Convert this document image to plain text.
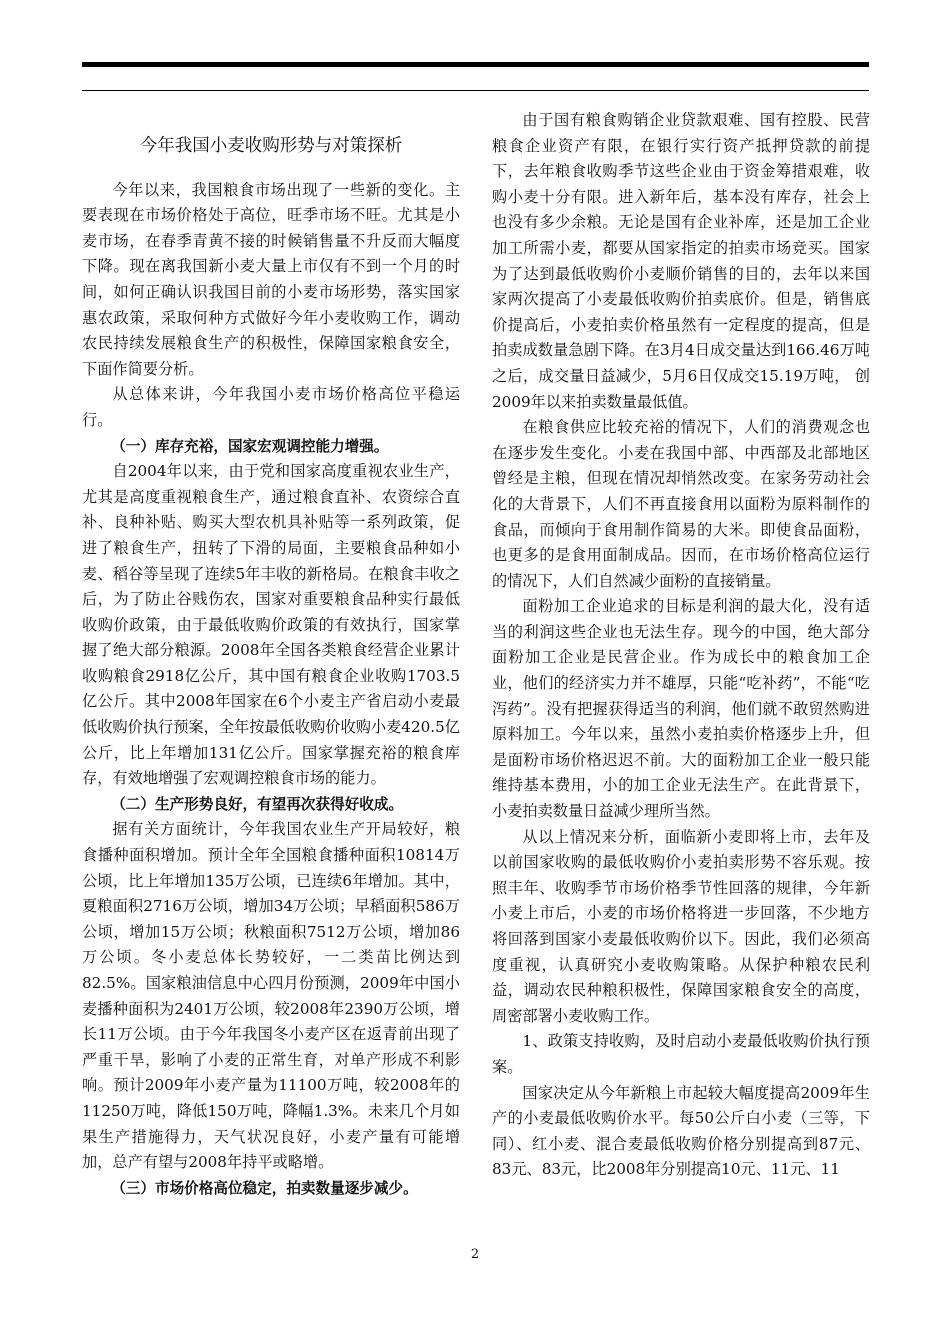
今年我国小麦收购形势与对策探析

今年以来，我国粮食市场出现了一些新的变化。主要表现在市场价格处于高位，旺季市场不旺。尤其是小麦市场，在春季青黄不接的时候销售量不升反而大幅度下降。现在离我国新小麦大量上市仅有不到一个月的时间，如何正确认识我国目前的小麦市场形势，落实国家惠农政策，采取何种方式做好今年小麦收购工作，调动农民持续发展粮食生产的积极性，保障国家粮食安全，下面作简要分析。

从总体来讲，今年我国小麦市场价格高位平稳运行。

（一）库存充裕，国家宏观调控能力增强。

自2004年以来，由于党和国家高度重视农业生产，尤其是高度重视粮食生产，通过粮食直补、农资综合直补、良种补贴、购买大型农机具补贴等一系列政策，促进了粮食生产，扭转了下滑的局面，主要粮食品种如小麦、稻谷等呈现了连续5年丰收的新格局。在粮食丰收之后，为了防止谷贱伤农，国家对重要粮食品种实行最低收购价政策，由于最低收购价政策的有效执行，国家掌握了绝大部分粮源。2008年全国各类粮食经营企业累计收购粮食2918亿公斤，其中国有粮食企业收购1703.5亿公斤。其中2008年国家在6个小麦主产省启动小麦最低收购价执行预案，全年按最低收购价收购小麦420.5亿公斤，比上年增加131亿公斤。国家掌握充裕的粮食库存，有效地增强了宏观调控粮食市场的能力。

（二）生产形势良好，有望再次获得好收成。

据有关方面统计，今年我国农业生产开局较好，粮食播种面积增加。预计全年全国粮食播种面积10814万公顷，比上年增加135万公顷，已连续6年增加。其中，夏粮面积2716万公顷，增加34万公顷；早稻面积586万公顷，增加15万公顷；秋粮面积7512万公顷，增加86万公顷。冬小麦总体长势较好，一二类苗比例达到82.5%。国家粮油信息中心四月份预测，2009年中国小麦播种面积为2401万公顷，较2008年2390万公顷，增长11万公顷。由于今年我国冬小麦产区在返青前出现了严重干旱，影响了小麦的正常生育，对单产形成不利影响。预计2009年小麦产量为11100万吨，较2008年的11250万吨，降低150万吨，降幅1.3%。未来几个月如果生产措施得力，天气状况良好，小麦产量有可能增加，总产有望与2008年持平或略增。

（三）市场价格高位稳定，拍卖数量逐步减少。

由于国有粮食购销企业贷款艰难、国有控股、民营粮食企业资产有限，在银行实行资产抵押贷款的前提下，去年粮食收购季节这些企业由于资金筹措艰难，收购小麦十分有限。进入新年后，基本没有库存，社会上也没有多少余粮。无论是国有企业补库，还是加工企业加工所需小麦，都要从国家指定的拍卖市场竞买。国家为了达到最低收购价小麦顺价销售的目的，去年以来国家两次提高了小麦最低收购价拍卖底价。但是，销售底价提高后，小麦拍卖价格虽然有一定程度的提高，但是拍卖成数量急剧下降。在3月4日成交量达到166.46万吨之后，成交量日益减少，5月6日仅成交15.19万吨， 创2009年以来拍卖数量最低值。

在粮食供应比较充裕的情况下，人们的消费观念也在逐步发生变化。小麦在我国中部、中西部及北部地区曾经是主粮，但现在情况却悄然改变。在家务劳动社会化的大背景下，人们不再直接食用以面粉为原料制作的食品，而倾向于食用制作简易的大米。即使食品面粉，也更多的是食用面制成品。因而，在市场价格高位运行的情况下，人们自然减少面粉的直接销量。

面粉加工企业追求的目标是利润的最大化，没有适当的利润这些企业也无法生存。现今的中国，绝大部分面粉加工企业是民营企业。作为成长中的粮食加工企业，他们的经济实力并不雄厚，只能“吃补药”，不能“吃泻药”。没有把握获得适当的利润，他们就不敢贸然购进原料加工。今年以来，虽然小麦拍卖价格逐步上升，但是面粉市场价格迟迟不前。大的面粉加工企业一般只能维持基本费用，小的加工企业无法生产。在此背景下，小麦拍卖数量日益减少理所当然。

从以上情况来分析，面临新小麦即将上市，去年及以前国家收购的最低收购价小麦拍卖形势不容乐观。按照丰年、收购季节市场价格季节性回落的规律，今年新小麦上市后，小麦的市场价格将进一步回落，不少地方将回落到国家小麦最低收购价以下。因此，我们必须高度重视，认真研究小麦收购策略。从保护种粮农民利益，调动农民种粮积极性，保障国家粮食安全的高度，周密部署小麦收购工作。

1、政策支持收购，及时启动小麦最低收购价执行预案。

国家决定从今年新粮上市起较大幅度提高2009年生产的小麦最低收购价水平。每50公斤白小麦（三等，下同）、红小麦、混合麦最低收购价格分别提高到87元、83元、83元，比2008年分别提高10元、11元、11

2
